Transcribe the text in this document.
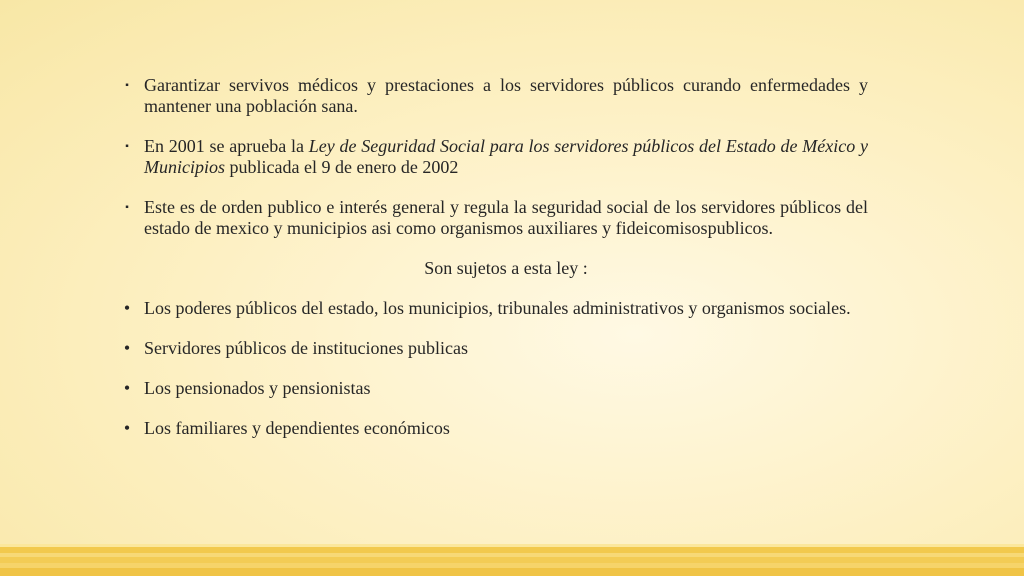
▪
Garantizar servivos médicos y prestaciones a los servidores públicos curando enfermedades y mantener una población sana.
▪
En 2001 se aprueba la Ley de Seguridad Social para los servidores públicos del Estado de México y Municipios publicada el 9 de enero de 2002
▪
Este es de orden publico e interés general y regula la seguridad social de los servidores públicos del estado de mexico y municipios asi como organismos auxiliares y fideicomisospublicos.
Son sujetos a esta ley :
•
Los poderes públicos del estado, los municipios, tribunales administrativos y organismos sociales.
•
Servidores públicos de instituciones publicas
•
Los pensionados y pensionistas
•
Los familiares y dependientes económicos
